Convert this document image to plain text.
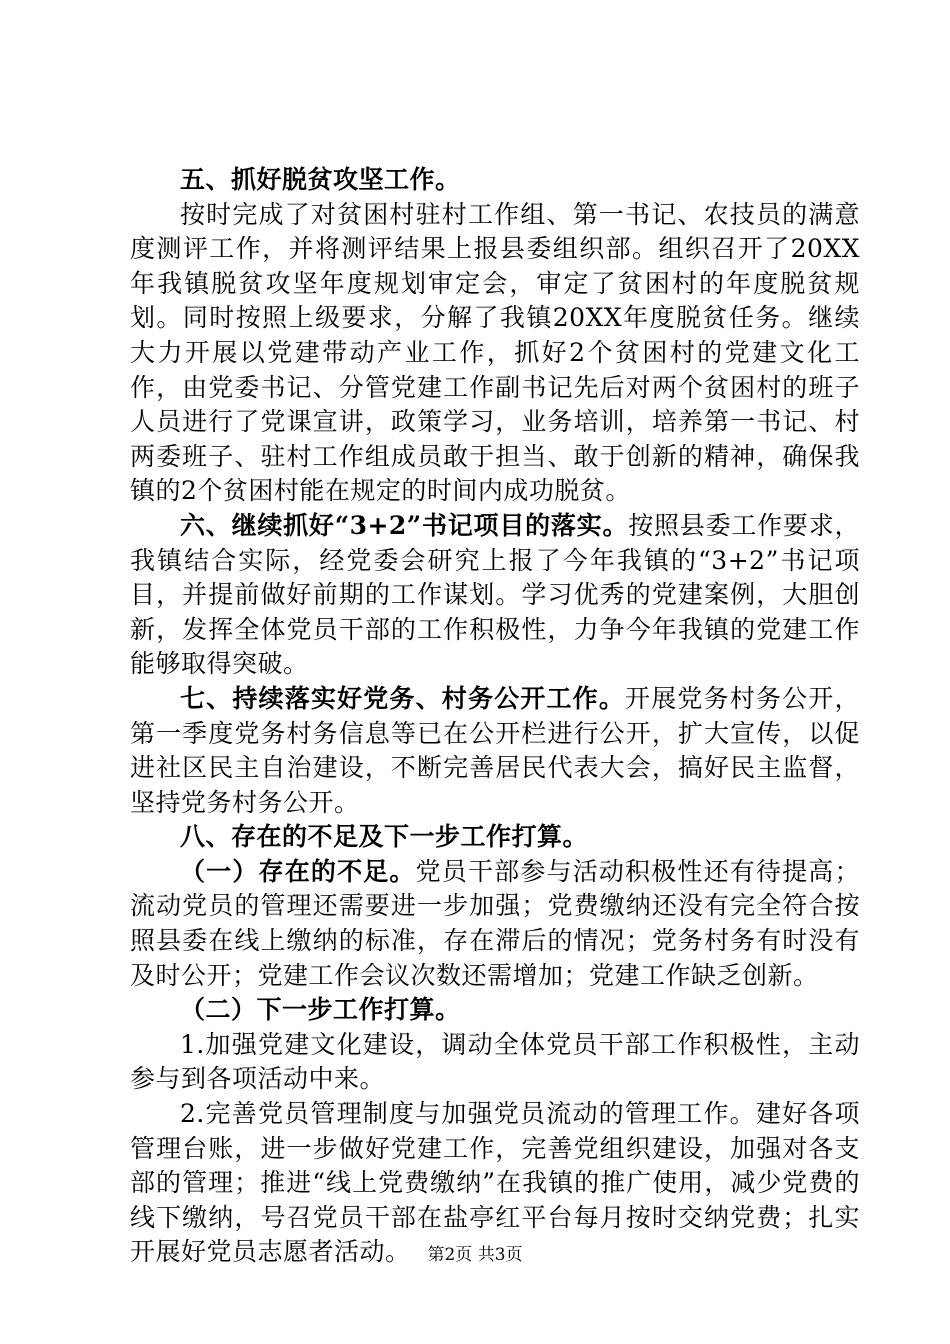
五、抓好脱贫攻坚工作。

按时完成了对贫困村驻村工作组、第一书记、农技员的满意度测评工作，并将测评结果上报县委组织部。组织召开了20XX年我镇脱贫攻坚年度规划审定会，审定了贫困村的年度脱贫规划。同时按照上级要求，分解了我镇20XX年度脱贫任务。继续大力开展以党建带动产业工作，抓好2个贫困村的党建文化工作，由党委书记、分管党建工作副书记先后对两个贫困村的班子人员进行了党课宣讲，政策学习，业务培训，培养第一书记、村两委班子、驻村工作组成员敢于担当、敢于创新的精神，确保我镇的2个贫困村能在规定的时间内成功脱贫。

六、继续抓好“3+2”书记项目的落实。按照县委工作要求，我镇结合实际，经党委会研究上报了今年我镇的“3+2”书记项目，并提前做好前期的工作谋划。学习优秀的党建案例，大胆创新，发挥全体党员干部的工作积极性，力争今年我镇的党建工作能够取得突破。

七、持续落实好党务、村务公开工作。开展党务村务公开，第一季度党务村务信息等已在公开栏进行公开，扩大宣传，以促进社区民主自治建设，不断完善居民代表大会，搞好民主监督，坚持党务村务公开。

八、存在的不足及下一步工作打算。

（一）存在的不足。党员干部参与活动积极性还有待提高；流动党员的管理还需要进一步加强；党费缴纳还没有完全符合按照县委在线上缴纳的标准，存在滞后的情况；党务村务有时没有及时公开；党建工作会议次数还需增加；党建工作缺乏创新。

（二）下一步工作打算。

1.加强党建文化建设，调动全体党员干部工作积极性，主动参与到各项活动中来。

2.完善党员管理制度与加强党员流动的管理工作。建好各项管理台账，进一步做好党建工作，完善党组织建设，加强对各支部的管理；推进“线上党费缴纳”在我镇的推广使用，减少党费的线下缴纳，号召党员干部在盐亭红平台每月按时交纳党费；扎实开展好党员志愿者活动。 第2页 共3页
